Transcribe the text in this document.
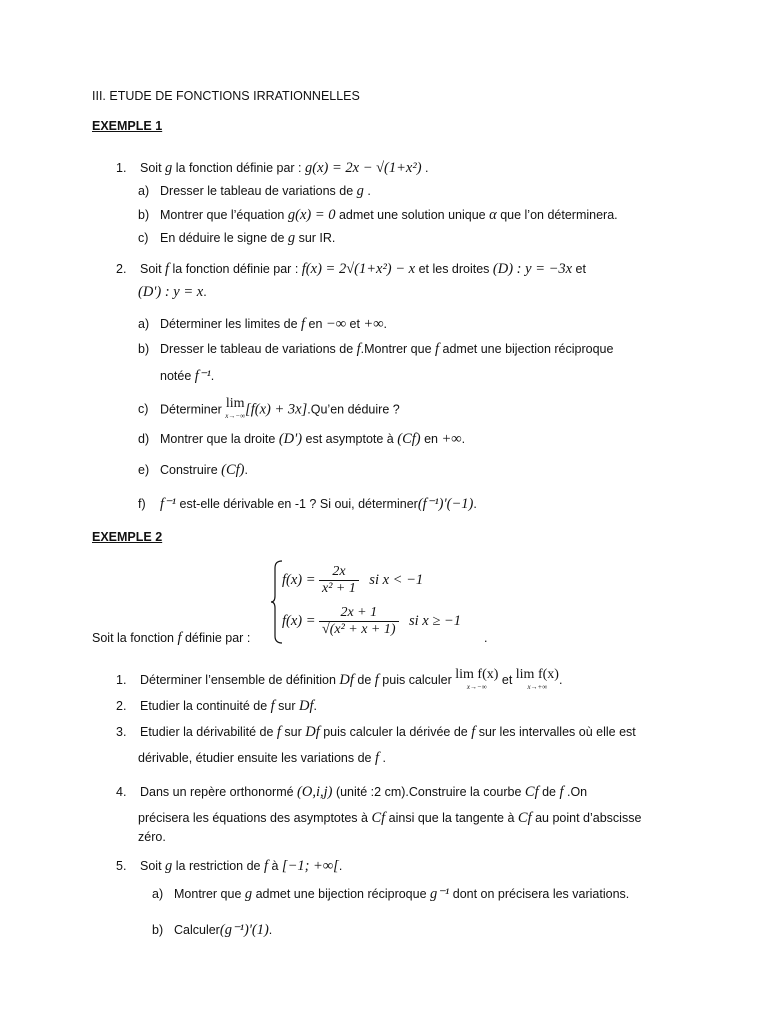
III. ETUDE DE FONCTIONS IRRATIONNELLES
EXEMPLE 1
1. Soit g la fonction définie par : g(x) = 2x − √(1+x²) .
a) Dresser le tableau de variations de g .
b) Montrer que l’équation g(x) = 0 admet une solution unique α que l’on déterminera.
c) En déduire le signe de g sur IR.
2. Soit f la fonction définie par : f(x) = 2√(1+x²) − x et les droites (D) : y = −3x et
(D') : y = x.
a) Déterminer les limites de f en −∞ et +∞.
b) Dresser le tableau de variations de f.Montrer que f admet une bijection réciproque
notée f⁻¹.
c) Déterminer lim
x→−∞ [f(x) + 3x].Qu’en déduire ?
d) Montrer que la droite (D') est asymptote à (Cf) en +∞.
e) Construire (Cf).
f) f⁻¹ est-elle dérivable en -1 ? Si oui, déterminer(f⁻¹)'(−1).
EXEMPLE 2
$f(x) = \frac{2x}{\text{x² + 1}}$ si x < −1
$f(x) = \frac{2x + 1}{\text{√(x² + x + 1)}}$ si x ≥ −1
Soit la fonction f définie par :	.
1. Déterminer l’ensemble de définition Df de f puis calculer lim f(x)
x→−∞ et lim f(x)
x→+∞ .
2. Etudier la continuité de f sur Df.
3. Etudier la dérivabilité de f sur Df puis calculer la dérivée de f sur les intervalles où elle est
dérivable, étudier ensuite les variations de f .
4. Dans un repère orthonormé (O,i,j) (unité :2 cm).Construire la courbe Cf de f .On
précisera les équations des asymptotes à Cf ainsi que la tangente à Cf au point d’abscisse
zéro.
5. Soit g la restriction de f à [−1; +∞[.
a) Montrer que g admet une bijection réciproque g⁻¹ dont on précisera les variations.
b) Calculer(g⁻¹)'(1).
